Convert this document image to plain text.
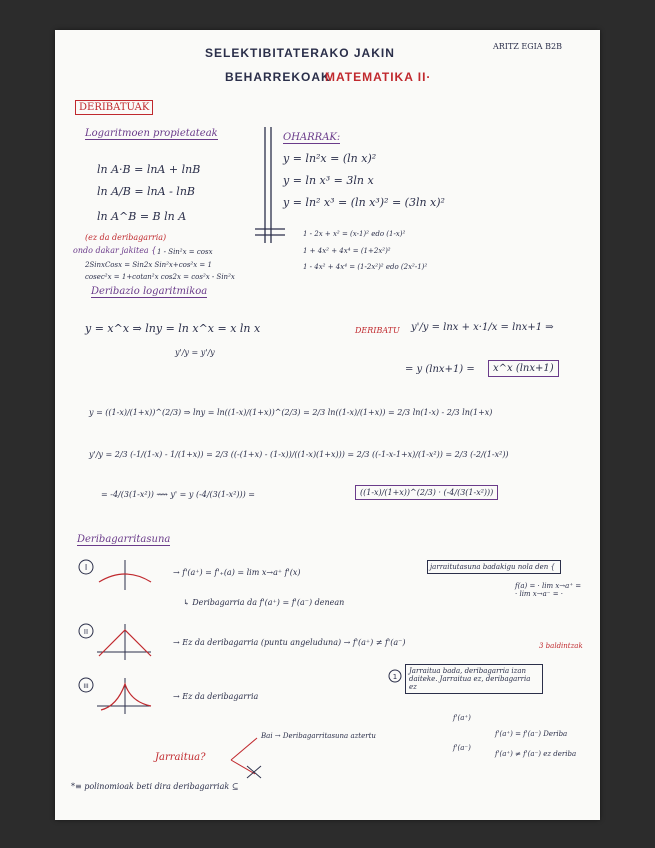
SELEKTIBITATERAKO JAKIN
BEHARREKOAK
MATEMATIKA II·
ARITZ EGIA B2B
DERIBATUAK
Logaritmoen propietateak
ln A·B = lnA + lnB
ln A/B = lnA - lnB
ln A^B = B ln A
OHARRAK:
y = ln²x = (ln x)²
y = ln x³ = 3ln x
y = ln² x³ = (ln x³)² = (3ln x)²
(ez da deribagarria)
ondo dakar jakitea { 1 - Sin²x = cosx
2SinxCosx = Sin2x Sin²x+cos²x = 1
cosec²x = 1+cotan²x cos2x = cos²x - Sin²x
1 - 2x + x² = (x-1)² edo (1-x)²
1 + 4x² + 4x⁴ = (1+2x²)²
1 - 4x² + 4x⁴ = (1-2x²)² edo (2x²-1)²
Deribazio logaritmikoa
y = x^x ⇒ lny = ln x^x = x ln x	DERIBATU y'/y = lnx + x·1/x = lnx+1 ⇒
y'/y = y'/y
= y (lnx+1) =	x^x (lnx+1)
y = ((1-x)/(1+x))^(2/3) ⇒ lny = ln((1-x)/(1+x))^(2/3) = 2/3 ln((1-x)/(1+x)) = 2/3 ln(1-x) - 2/3 ln(1+x)
y'/y = 2/3 (-1/(1-x) - 1/(1+x)) = 2/3 ((-(1+x) - (1-x))/((1-x)(1+x))) = 2/3 ((-1-x-1+x)/(1-x²)) = 2/3 (-2/(1-x²))
= -4/(3(1-x²)) ⟿ y' = y (-4/(3(1-x²))) =	((1-x)/(1+x))^(2/3) · (-4/(3(1-x²)))
Deribagarritasuna
I
→ f'(a⁺) = f'₊(a) = lim x→a⁺ f'(x)
↳ Deribagarria da f'(a⁺) = f'(a⁻) denean
jarraitutasuna badakigu nola den {
f(a) = · lim x→a⁺ = · lim x→a⁻ = ·
3 baldintzak
II
→ Ez da deribagarria (puntu angeluduna) → f'(a⁺) ≠ f'(a⁻)
III
→ Ez da deribagarria
1
Jarraitua bada, deribagarria izan daiteke. Jarraitua ez, deribagarria ez
Jarraitua?
Bai → Deribagarritasuna aztertu
f'(a⁺)
f'(a⁻)
f'(a⁺) = f'(a⁻) Deriba
f'(a⁺) ≠ f'(a⁻) ez deriba
*≡ polinomioak beti dira deribagarriak ⊆
